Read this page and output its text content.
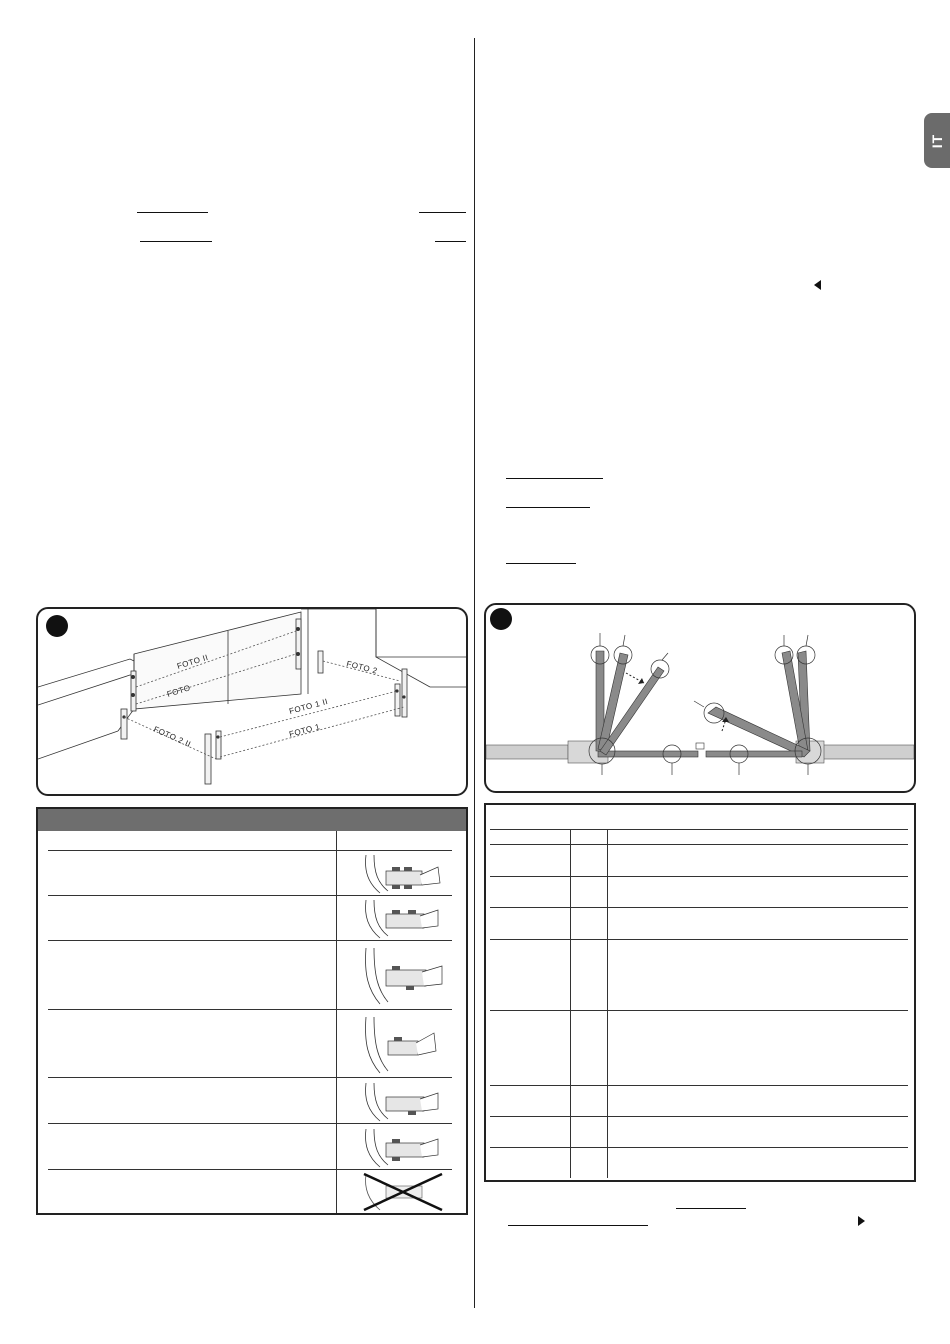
IT
FOTO II
FOTO
FOTO 2
FOTO 1 II
FOTO 1
FOTO 2 II
